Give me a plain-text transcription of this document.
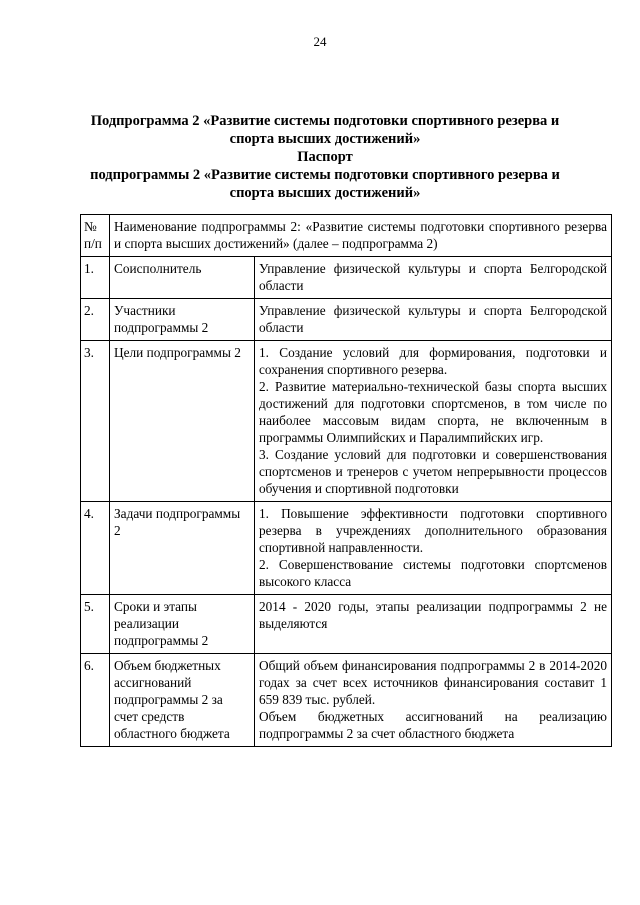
24
Подпрограмма 2 «Развитие системы подготовки спортивного резерва и
спорта высших достижений»
Паспорт
подпрограммы 2 «Развитие системы подготовки спортивного резерва и
спорта высших достижений»
№ п/п	Наименование подпрограммы 2: «Развитие системы подготовки спортивного резерва и спорта высших достижений» (далее – подпрограмма 2)	
1.	Соисполнитель	Управление физической культуры и спорта Белгородской области

2.	Участники подпрограммы 2	Управление физической культуры и спорта Белгородской области

3.	Цели подпрограммы 2	1. Создание условий для формирования, подготовки и сохранения спортивного резерва.
2. Развитие материально-технической базы спорта высших достижений для подготовки спортсменов, в том числе по наиболее массовым видам спорта, не включенным в программы Олимпийских и Паралимпийских игр.
3. Создание условий для подготовки и совершенствования спортсменов и тренеров с учетом непрерывности процессов обучения и спортивной подготовки

4.	Задачи подпрограммы 2	1. Повышение эффективности подготовки спортивного резерва в учреждениях дополнительного образования спортивной направленности.
2. Совершенствование системы подготовки спортсменов высокого класса

5.	Сроки и этапы реализации подпрограммы 2	2014 - 2020 годы, этапы реализации подпрограммы 2 не выделяются

6.	Объем бюджетных ассигнований подпрограммы 2 за счет средств областного бюджета	Общий объем финансирования подпрограммы 2 в 2014-2020 годах за счет всех источников финансирования составит 1 659 839 тыс. рублей.
Объем бюджетных ассигнований на реализацию подпрограммы 2 за счет областного бюджета
